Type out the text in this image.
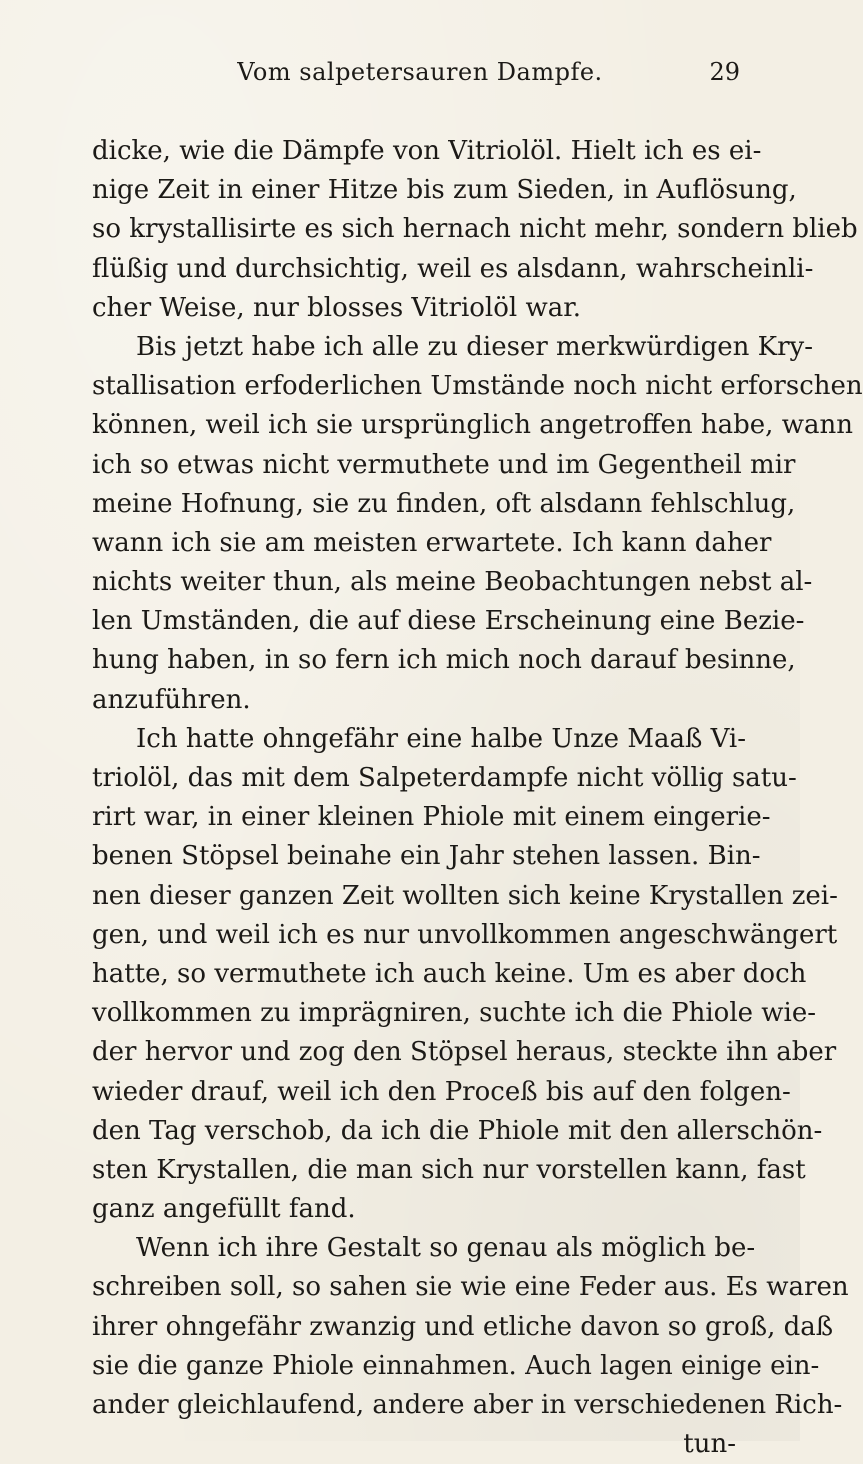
Vom salpetersauren Dampfe.	29
dicke, wie die Dämpfe von Vitriolöl. Hielt ich es ei-
nige Zeit in einer Hitze bis zum Sieden, in Auflösung,
so krystallisirte es sich hernach nicht mehr, sondern blieb
flüßig und durchsichtig, weil es alsdann, wahrscheinli-
cher Weise, nur blosses Vitriolöl war.
Bis jetzt habe ich alle zu dieser merkwürdigen Kry-
stallisation erfoderlichen Umstände noch nicht erforschen
können, weil ich sie ursprünglich angetroffen habe, wann
ich so etwas nicht vermuthete und im Gegentheil mir
meine Hofnung, sie zu finden, oft alsdann fehlschlug,
wann ich sie am meisten erwartete. Ich kann daher
nichts weiter thun, als meine Beobachtungen nebst al-
len Umständen, die auf diese Erscheinung eine Bezie-
hung haben, in so fern ich mich noch darauf besinne,
anzuführen.
Ich hatte ohngefähr eine halbe Unze Maaß Vi-
triolöl, das mit dem Salpeterdampfe nicht völlig satu-
rirt war, in einer kleinen Phiole mit einem eingerie-
benen Stöpsel beinahe ein Jahr stehen lassen. Bin-
nen dieser ganzen Zeit wollten sich keine Krystallen zei-
gen, und weil ich es nur unvollkommen angeschwängert
hatte, so vermuthete ich auch keine. Um es aber doch
vollkommen zu imprägniren, suchte ich die Phiole wie-
der hervor und zog den Stöpsel heraus, steckte ihn aber
wieder drauf, weil ich den Proceß bis auf den folgen-
den Tag verschob, da ich die Phiole mit den allerschön-
sten Krystallen, die man sich nur vorstellen kann, fast
ganz angefüllt fand.
Wenn ich ihre Gestalt so genau als möglich be-
schreiben soll, so sahen sie wie eine Feder aus. Es waren
ihrer ohngefähr zwanzig und etliche davon so groß, daß
sie die ganze Phiole einnahmen. Auch lagen einige ein-
ander gleichlaufend, andere aber in verschiedenen Rich-
tun-
